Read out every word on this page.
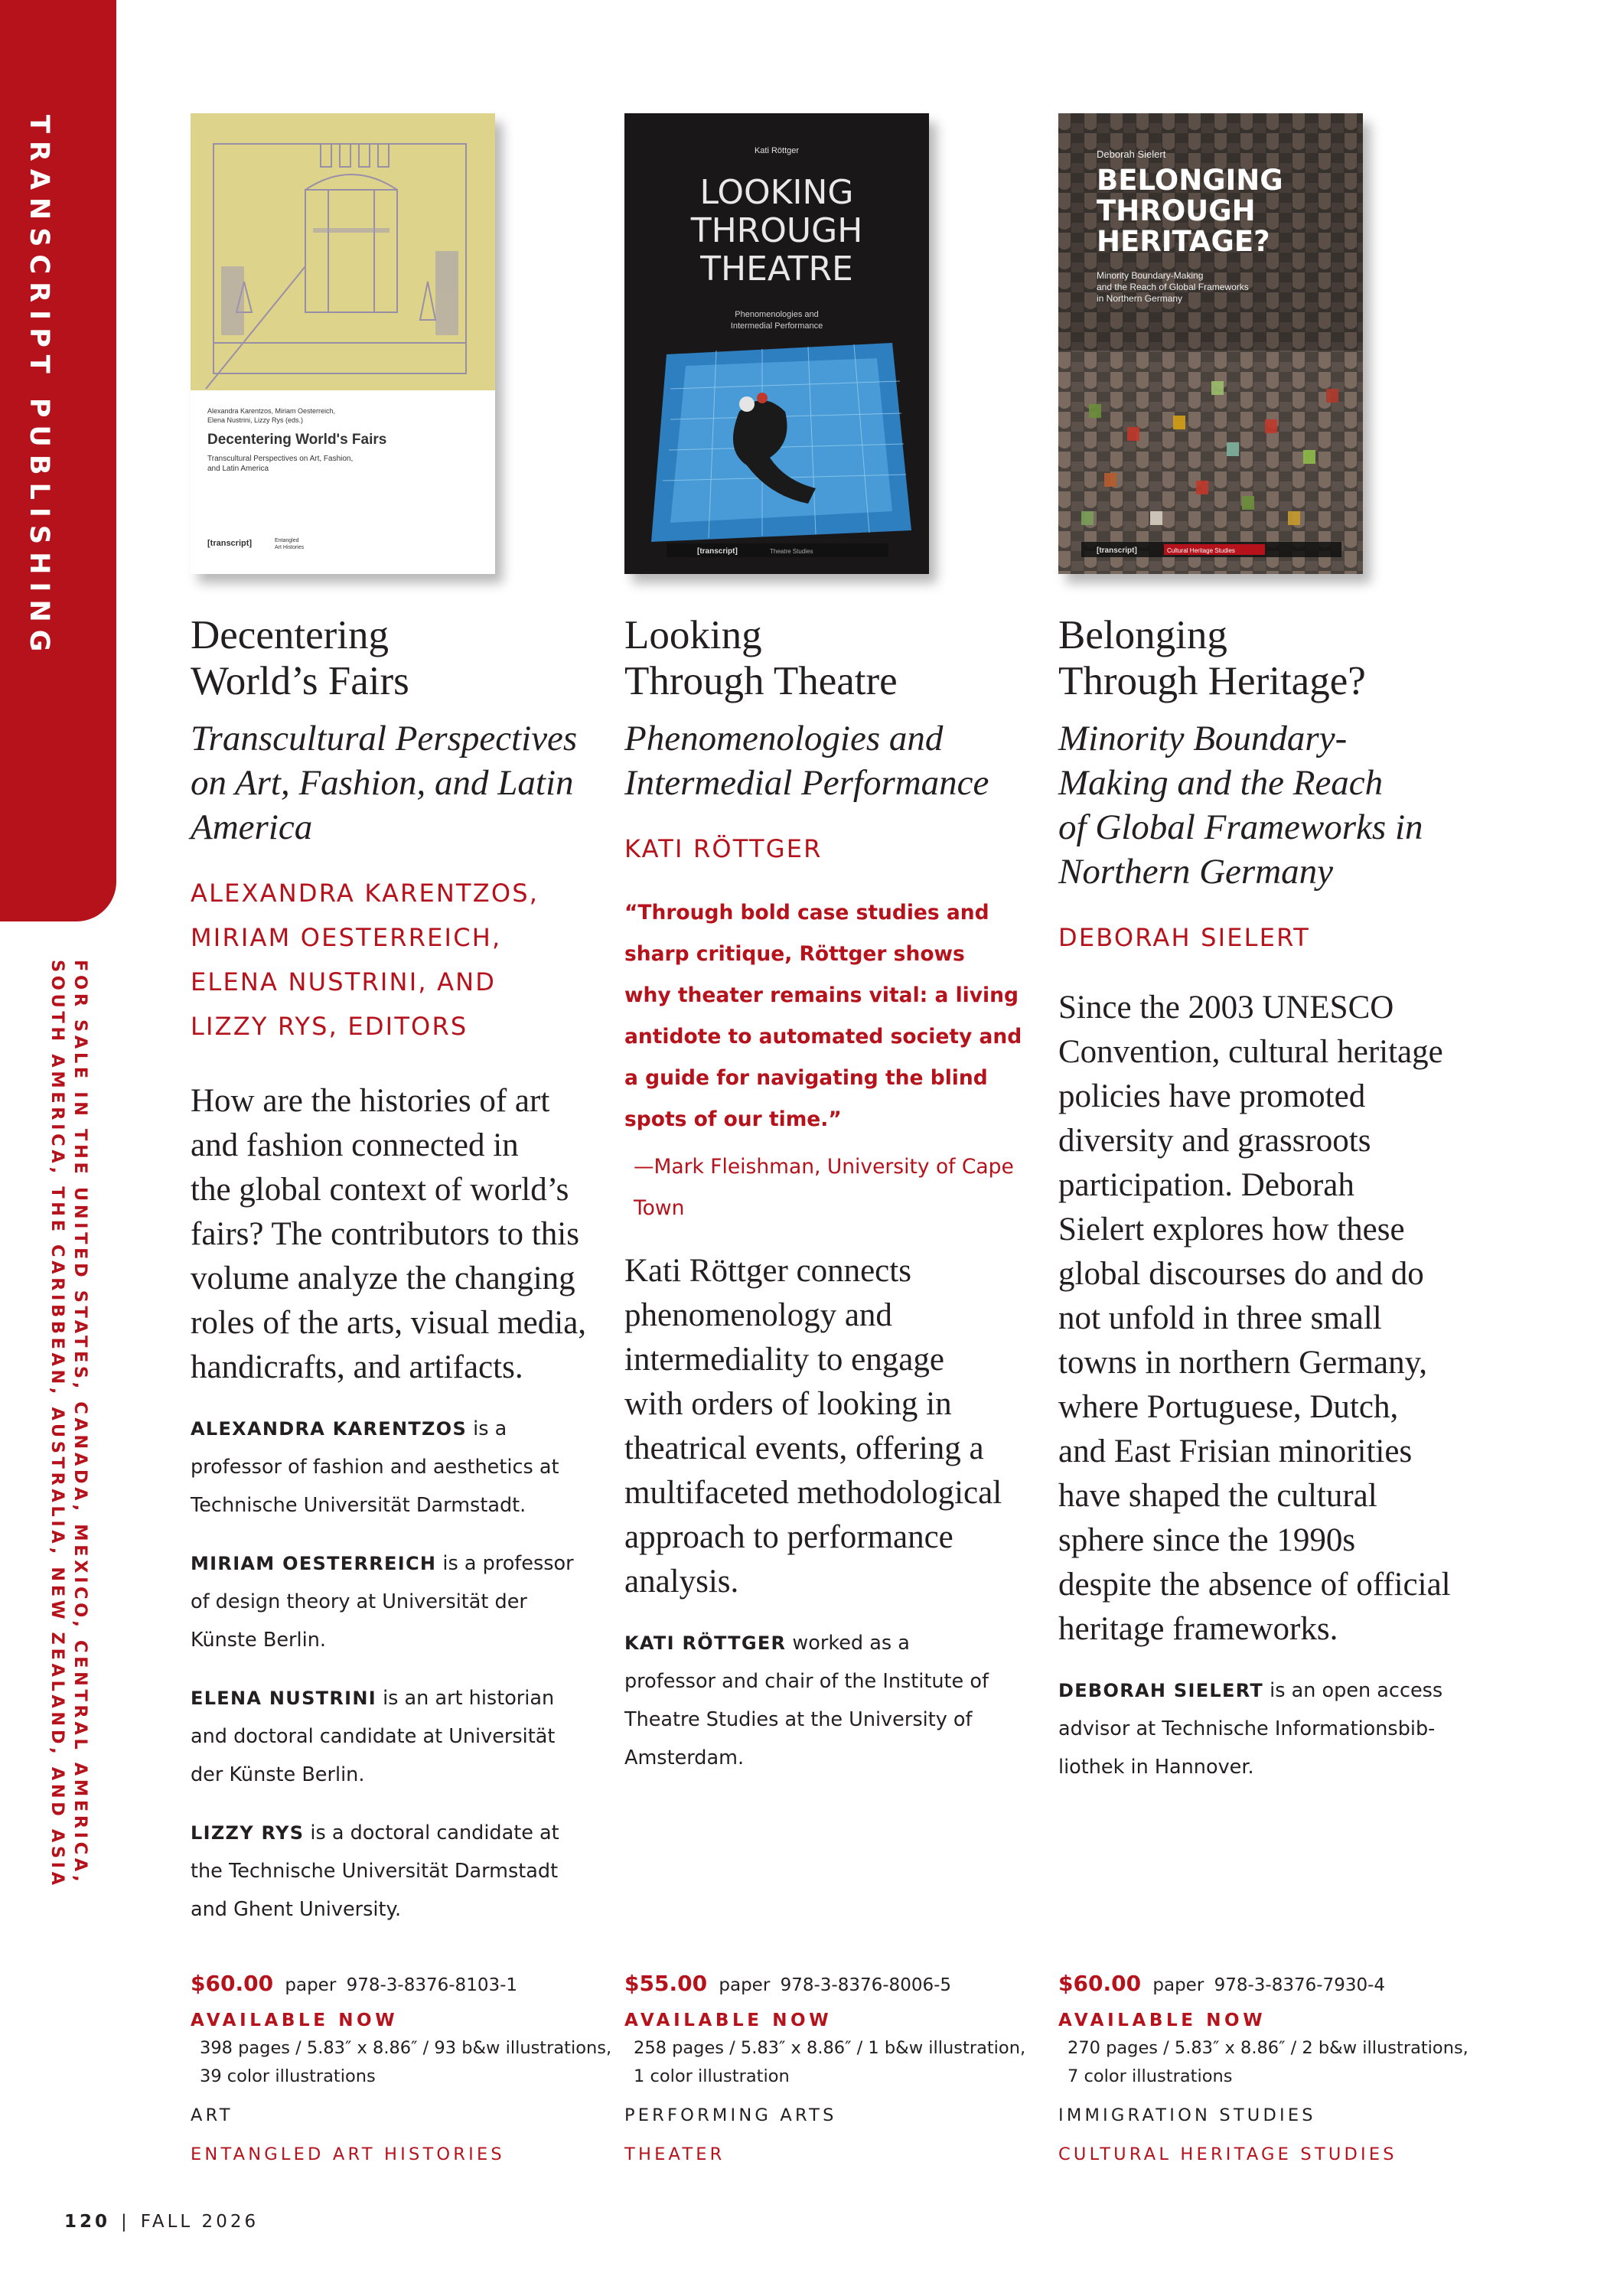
TRANSCRIPT PUBLISHING
FOR SALE IN THE UNITED STATES, CANADA, MEXICO, CENTRAL AMERICA,
SOUTH AMERICA, THE CARIBBEAN, AUSTRALIA, NEW ZEALAND, AND ASIA
Alexandra Karentzos, Miriam Oesterreich,
Elena Nustrini, Lizzy Rys (eds.)
Decentering World's Fairs
Transcultural Perspectives on Art, Fashion,
and Latin America
[transcript]	Entangled
Art Histories
Decentering
World’s Fairs
Transcultural Perspectives
on Art, Fashion, and Latin
America
ALEXANDRA KARENTZOS,
MIRIAM OESTERREICH,
ELENA NUSTRINI, AND
LIZZY RYS, EDITORS
How are the histories of art
and fashion connected in
the global context of world’s
fairs? The contributors to this
volume analyze the changing
roles of the arts, visual media,
handicrafts, and artifacts.
ALEXANDRA KARENTZOS is a
professor of fashion and aesthetics at
Technische Universität Darmstadt.
MIRIAM OESTERREICH is a professor
of design theory at Universität der
Künste Berlin.
ELENA NUSTRINI is an art historian
and doctoral candidate at Universität
der Künste Berlin.
LIZZY RYS is a doctoral candidate at
the Technische Universität Darmstadt
and Ghent University.
Kati Röttger
LOOKING
THROUGH
THEATRE
Phenomenologies and
Intermedial Performance
[transcript]	Theatre Studies
Looking
Through Theatre
Phenomenologies and
Intermedial Performance
KATI RÖTTGER
“Through bold case studies and
sharp critique, Röttger shows
why theater remains vital: a living
antidote to automated society and
a guide for navigating the blind
spots of our time.”
—Mark Fleishman, University of Cape
Town
Kati Röttger connects
phenomenology and
intermediality to engage
with orders of looking in
theatrical events, offering a
multifaceted methodological
approach to performance
analysis.
KATI RÖTTGER worked as a
professor and chair of the Institute of
Theatre Studies at the University of
Amsterdam.
Deborah Sielert
BELONGING
THROUGH
HERITAGE?
Minority Boundary-Making
and the Reach of Global Frameworks
in Northern Germany
[transcript]	Cultural Heritage Studies
Belonging
Through Heritage?
Minority Boundary-
Making and the Reach
of Global Frameworks in
Northern Germany
DEBORAH SIELERT
Since the 2003 UNESCO
Convention, cultural heritage
policies have promoted
diversity and grassroots
participation. Deborah
Sielert explores how these
global discourses do and do
not unfold in three small
towns in northern Germany,
where Portuguese, Dutch,
and East Frisian minorities
have shaped the cultural
sphere since the 1990s
despite the absence of official
heritage frameworks.
DEBORAH SIELERT is an open access
advisor at Technische Informationsbib-
liothek in Hannover.
$60.00 paper 978-3-8376-8103-1
AVAILABLE NOW
398 pages / 5.83″ x 8.86″ / 93 b&w illustrations,
39 color illustrations
ART
ENTANGLED ART HISTORIES
$55.00 paper 978-3-8376-8006-5
AVAILABLE NOW
258 pages / 5.83″ x 8.86″ / 1 b&w illustration,
1 color illustration
PERFORMING ARTS
THEATER
$60.00 paper 978-3-8376-7930-4
AVAILABLE NOW
270 pages / 5.83″ x 8.86″ / 2 b&w illustrations,
7 color illustrations
IMMIGRATION STUDIES
CULTURAL HERITAGE STUDIES
120 | FALL 2026
